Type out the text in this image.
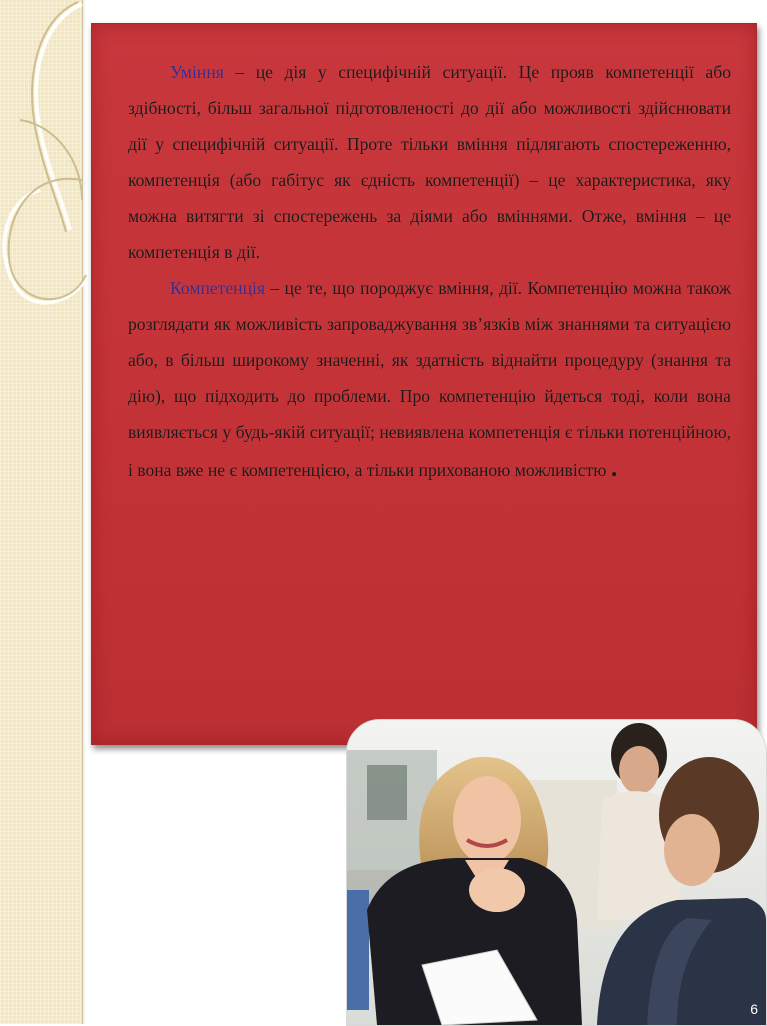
Уміння – це дія у специфічній ситуації. Це прояв компетенції або здібності, більш загальної підготовленості до дії або можливості здійснювати дії у специфічній ситуації. Проте тільки вміння підлягають спостереженню, компетенція (або габітус як єдність компетенції) – це характеристика, яку можна витягти зі спостережень за діями або вміннями. Отже, вміння – це компетенція в дії.

Компетенція – це те, що породжує вміння, дії. Компетенцію можна також розглядати як можливість запроваджування зв’язків між знаннями та ситуацією або, в більш широкому значенні, як здатність віднайти процедуру (знання та дію), що підходить до проблеми. Про компетенцію йдеться тоді, коли вона виявляється у будь-якій ситуації; невиявлена компетенція є тільки потенційною, і вона вже не є компетенцією, а тільки прихованою можливістю .

6
